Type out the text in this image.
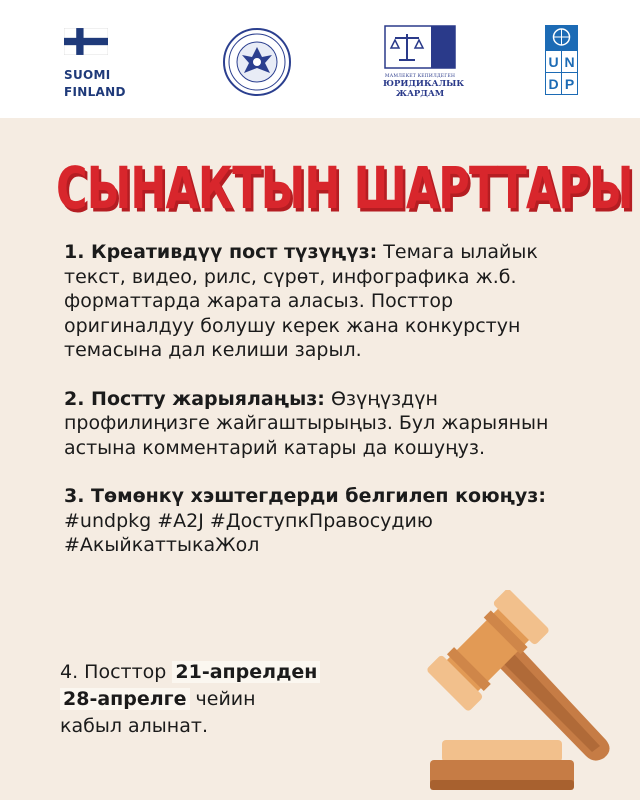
SUOMI
FINLAND
МАМЛЕКЕТ КЕПИЛДЕГЕН
ЮРИДИКАЛЫК
ЖАРДАМ
U N
D P
СЫНАКТЫН ШАРТТАРЫ

1. Креативдүү пост түзүңүз: Темага ылайык текст, видео, рилс, сүрөт, инфографика ж.б. форматтарда жарата аласыз. Посттор оригиналдуу болушу керек жана конкурстун темасына дал келиши зарыл.

2. Постту жарыялаңыз: Өзүңүздүн профилиңизге жайгаштырыңыз. Бул жарыянын астына комментарий катары да кошуңуз.

3. Төмөнкү хэштегдерди белгилеп коюңуз: #undpkg #A2J #ДоступкПравосудию #АкыйкаттыкаЖол

4. Посттор 21-апрелден
28-апрелге чейин
кабыл алынат.
